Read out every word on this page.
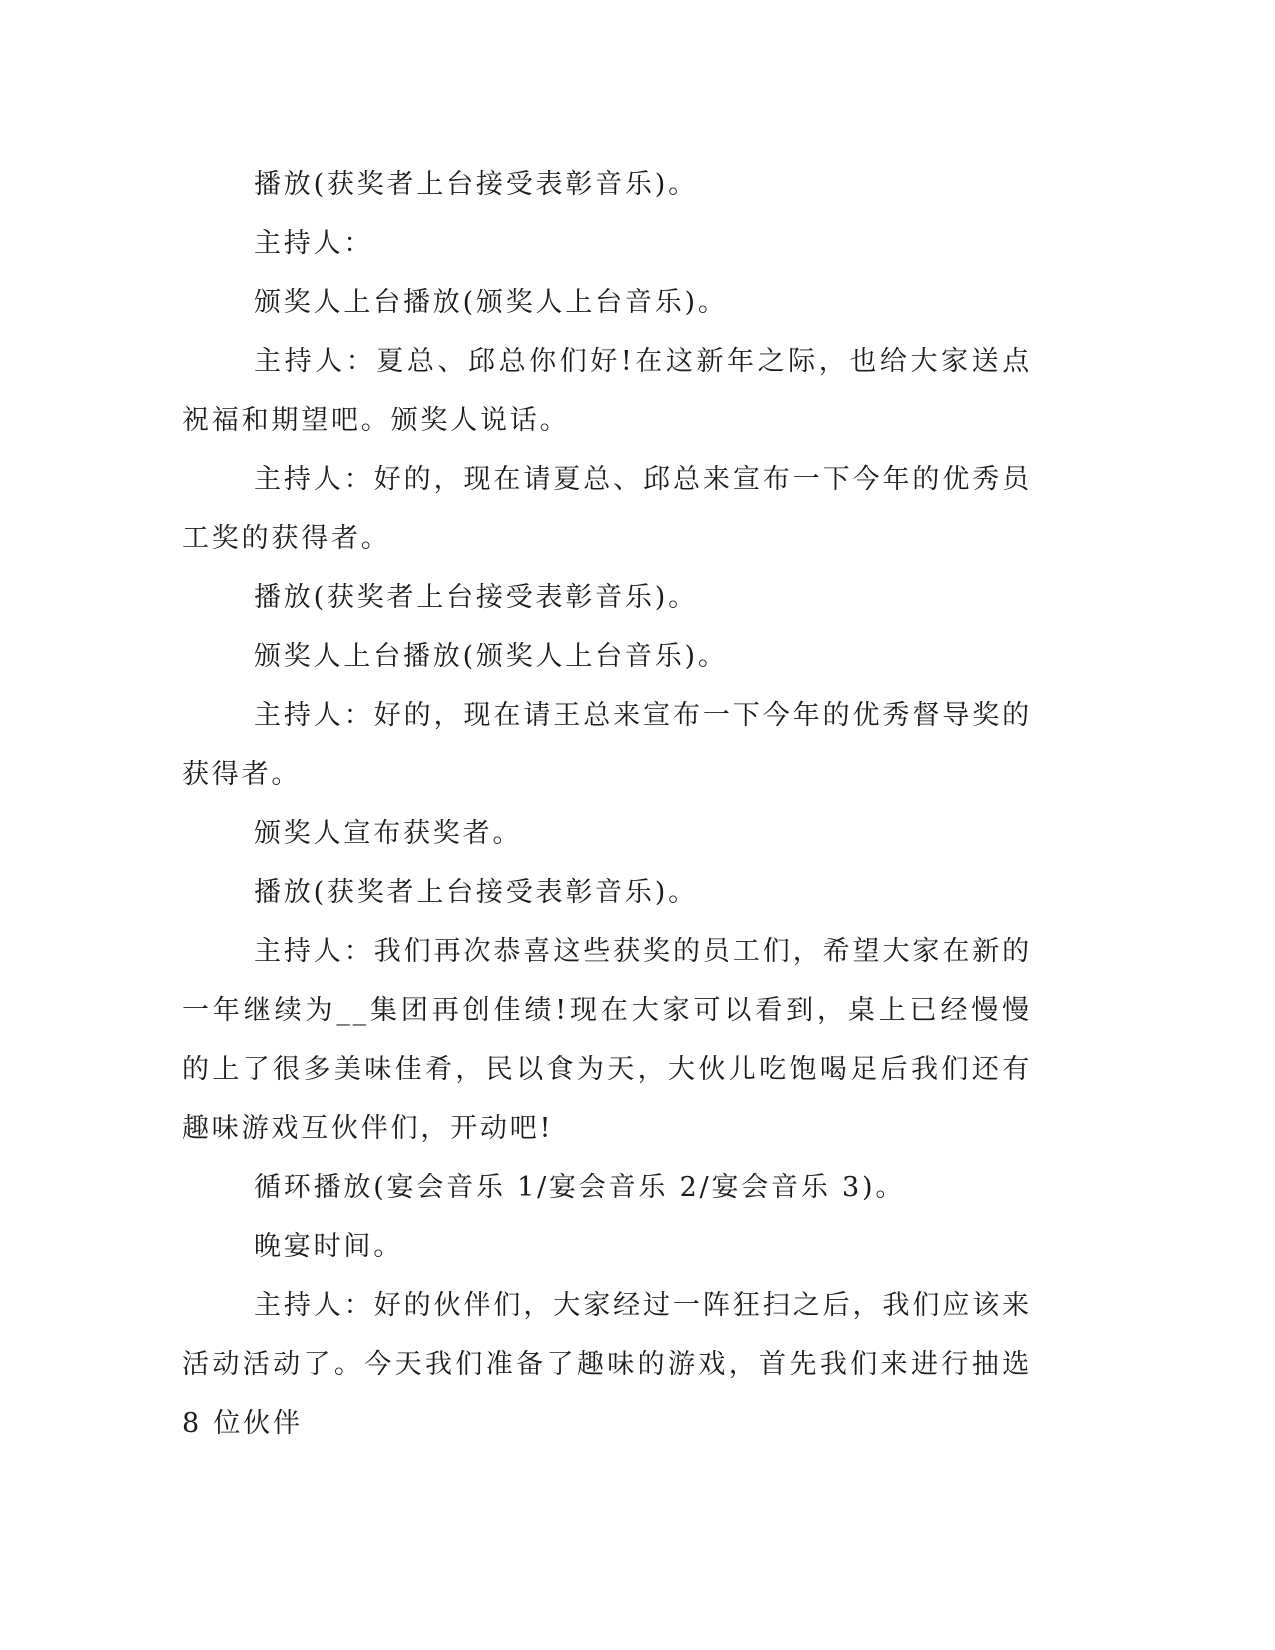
播放(获奖者上台接受表彰音乐)。

主持人：

颁奖人上台播放(颁奖人上台音乐)。

主持人：夏总、邱总你们好!在这新年之际，也给大家送点祝福和期望吧。颁奖人说话。

主持人：好的，现在请夏总、邱总来宣布一下今年的优秀员工奖的获得者。

播放(获奖者上台接受表彰音乐)。

颁奖人上台播放(颁奖人上台音乐)。

主持人：好的，现在请王总来宣布一下今年的优秀督导奖的获得者。

颁奖人宣布获奖者。

播放(获奖者上台接受表彰音乐)。

主持人：我们再次恭喜这些获奖的员工们，希望大家在新的一年继续为__集团再创佳绩!现在大家可以看到，桌上已经慢慢的上了很多美味佳肴，民以食为天，大伙儿吃饱喝足后我们还有趣味游戏互伙伴们，开动吧!

循环播放(宴会音乐 1/宴会音乐 2/宴会音乐 3)。

晚宴时间。

主持人：好的伙伴们，大家经过一阵狂扫之后，我们应该来活动活动了。今天我们准备了趣味的游戏，首先我们来进行抽选 8 位伙伴
